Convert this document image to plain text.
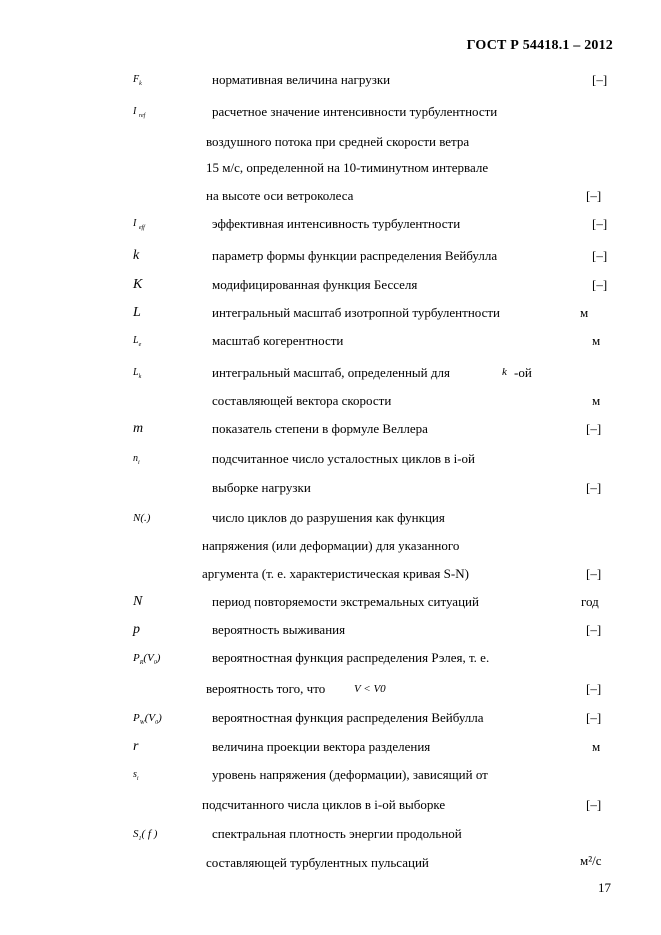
ГОСТ Р 54418.1 – 2012
$F_k$	нормативная величина нагрузки	[–]
I $_{ref}$	расчетное значение интенсивности турбулентности
воздушного потока при средней скорости ветра
15 м/с, определенной на 10-тиминутном интервале
на высоте оси ветроколеса	[–]
I $_{eff}$	эффективная интенсивность турбулентности	[–]
k	параметр формы функции распределения Вейбулла	[–]
K	модифицированная функция Бесселя	[–]
L	интегральный масштаб изотропной турбулентности	м
$L_e$	масштаб когерентности	м
$L_k$	интегральный масштаб, определенный для	k -ой
составляющей вектора скорости	м
m	показатель степени в формуле Веллера	[–]
$n_i$	подсчитанное число усталостных циклов в i-ой
выборке нагрузки	[–]
N(.)	число циклов до разрушения как функция
напряжения (или деформации) для указанного
аргумента (т. е. характеристическая кривая S-N)	[–]
N	период повторяемости экстремальных ситуаций	год
p	вероятность выживания	[–]
$P_R(V_0)$	вероятностная функция распределения Рэлея, т. е.
вероятность того, что	V < V0	[–]
$P_W(V_0)$	вероятностная функция распределения Вейбулла	[–]
r	величина проекции вектора разделения	м
$s_i$	уровень напряжения (деформации), зависящий от
подсчитанного числа циклов в i-ой выборке	[–]
$S_1$( f )	спектральная плотность энергии продольной
составляющей турбулентных пульсаций	м²/с
17
